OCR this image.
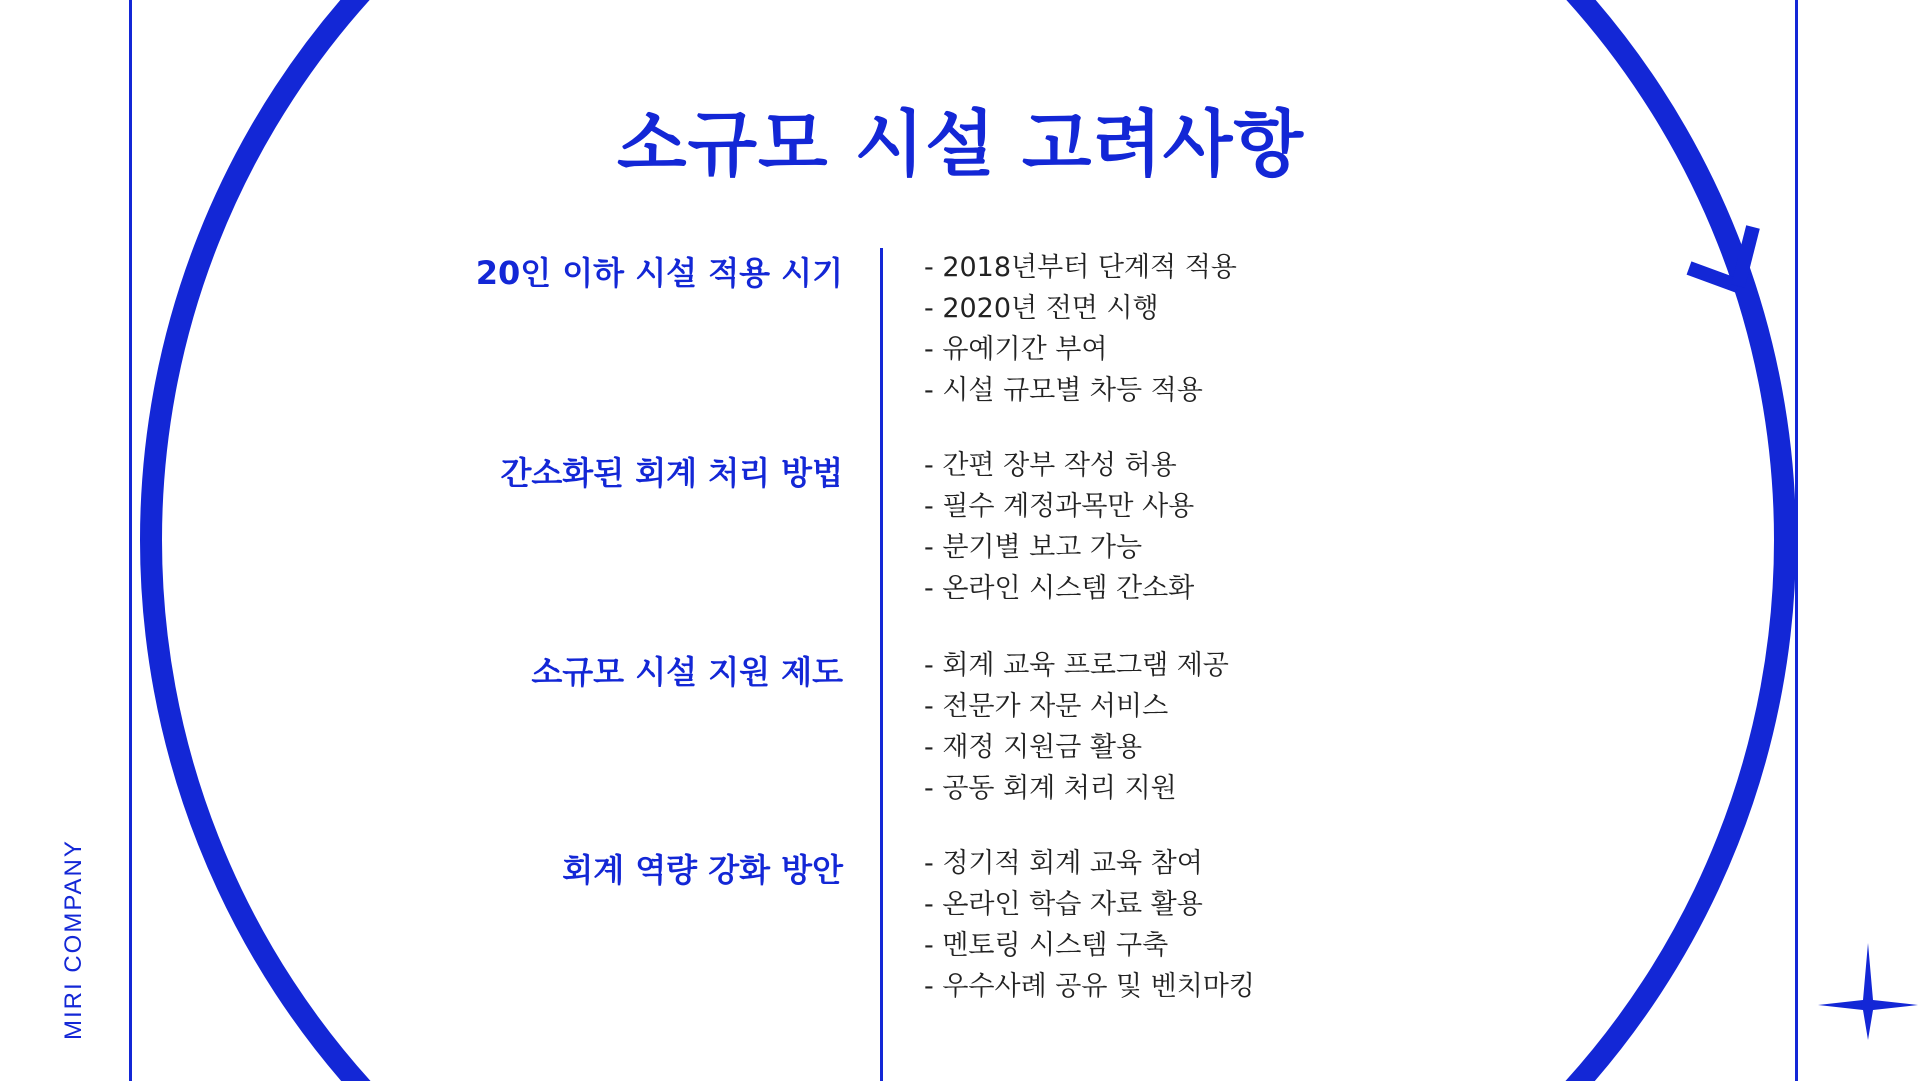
MIRI COMPANY
소규모 시설 고려사항
20인 이하 시설 적용 시기	- 2018년부터 단계적 적용
- 2020년 전면 시행
- 유예기간 부여
- 시설 규모별 차등 적용
간소화된 회계 처리 방법	- 간편 장부 작성 허용
- 필수 계정과목만 사용
- 분기별 보고 가능
- 온라인 시스템 간소화
소규모 시설 지원 제도	- 회계 교육 프로그램 제공
- 전문가 자문 서비스
- 재정 지원금 활용
- 공동 회계 처리 지원
회계 역량 강화 방안	- 정기적 회계 교육 참여
- 온라인 학습 자료 활용
- 멘토링 시스템 구축
- 우수사례 공유 및 벤치마킹
